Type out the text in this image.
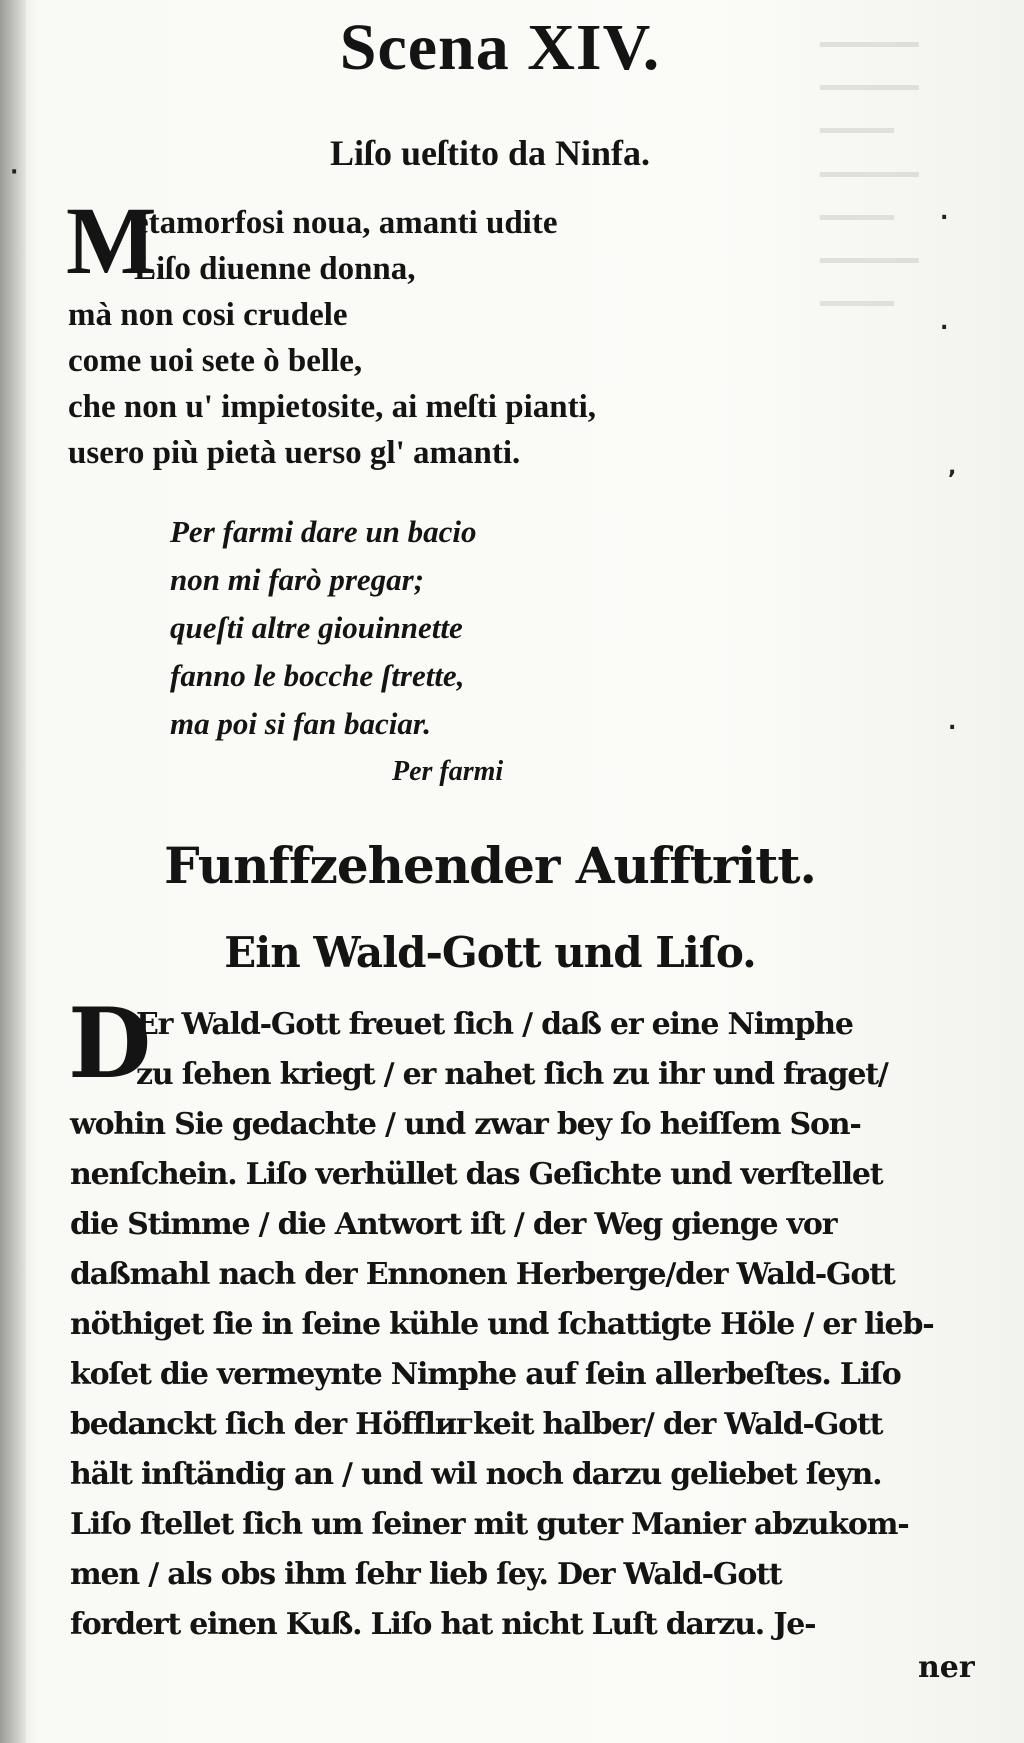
▔▔▔▔
▔▔▔▔
▔▔▔
▔▔▔▔
▔▔▔
▔▔▔▔
▔▔▔
.
.
,
.
·
Scena XIV.
Liſo ueſtito da Ninfa.
M
etamorfosi noua, amanti udite
Liſo diuenne donna,
mà non cosi crudele
come uoi sete ò belle,
che non u' impietosite, ai meſti pianti,
usero più pietà uerso gl' amanti.
Per farmi dare un bacio
non mi farò pregar;
queſti altre giouinnette
fanno le bocche ſtrette,
ma poi si fan baciar.
Per farmi
Funffzehender Aufftritt.
Ein Wald-Gott und Liſo.
D
Er Wald-Gott freuet ſich / daß er eine Nimphe
zu ſehen kriegt / er nahet ſich zu ihr und fraget/
wohin Sie gedachte / und zwar bey ſo heiſſem Son-
nenſchein. Liſo verhüllet das Geſichte und verſtellet
die Stimme / die Antwort iſt / der Weg gienge vor
daßmahl nach der Ennonen Herberge/der Wald-Gott
nöthiget ſie in ſeine kühle und ſchattigte Höle / er lieb-
koſet die vermeynte Nimphe auf ſein allerbeſtes. Liſo
bedanckt ſich der Höfflигkeit halber/ der Wald-Gott
hält inſtändig an / und wil noch darzu geliebet ſeyn.
Liſo ſtellet ſich um ſeiner mit guter Manier abzukom-
men / als obs ihm ſehr lieb ſey. Der Wald-Gott
fordert einen Kuß. Liſo hat nicht Luſt darzu. Je-
ner
